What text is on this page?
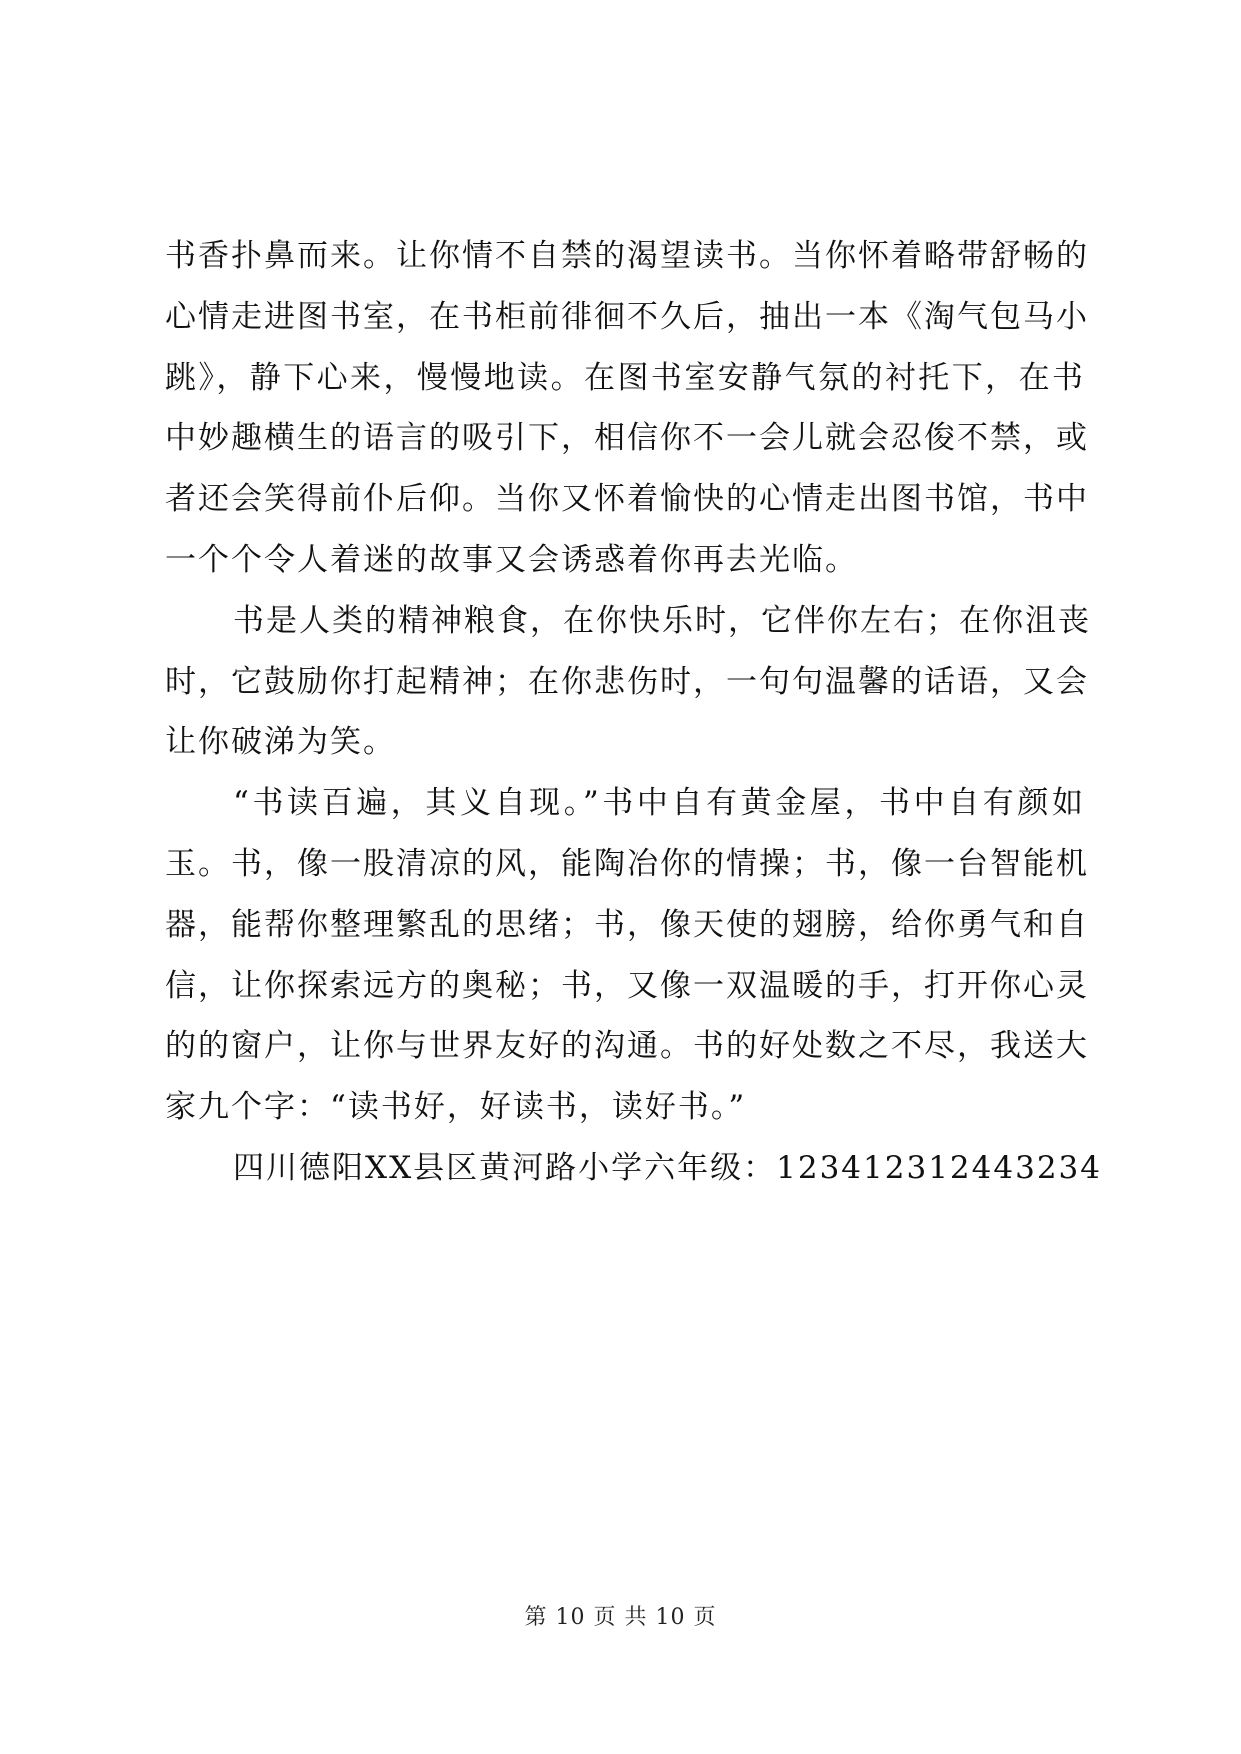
书香扑鼻而来。让你情不自禁的渴望读书。当你怀着略带舒畅的
心情走进图书室，在书柜前徘徊不久后，抽出一本《淘气包马小
跳》，静下心来，慢慢地读。在图书室安静气氛的衬托下，在书
中妙趣横生的语言的吸引下，相信你不一会儿就会忍俊不禁，或
者还会笑得前仆后仰。当你又怀着愉快的心情走出图书馆，书中
一个个令人着迷的故事又会诱惑着你再去光临。
书是人类的精神粮食，在你快乐时，它伴你左右；在你沮丧
时，它鼓励你打起精神；在你悲伤时，一句句温馨的话语，又会
让你破涕为笑。
“书读百遍，其义自现。”书中自有黄金屋，书中自有颜如
玉。书，像一股清凉的风，能陶冶你的情操；书，像一台智能机
器，能帮你整理繁乱的思绪；书，像天使的翅膀，给你勇气和自
信，让你探索远方的奥秘；书，又像一双温暖的手，打开你心灵
的的窗户，让你与世界友好的沟通。书的好处数之不尽，我送大
家九个字：“读书好，好读书，读好书。”
四川德阳XX县区黄河路小学六年级：123412312443234
第 10 页 共 10 页
